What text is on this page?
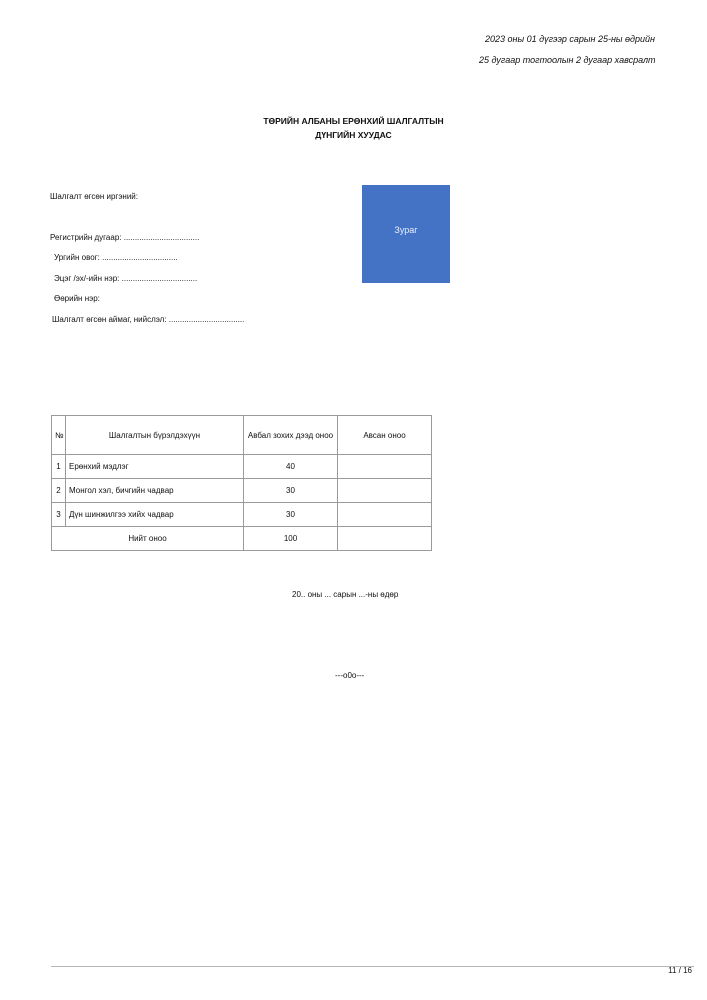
2023 оны 01 дүгээр сарын 25-ны өдрийн
25 дугаар тогтоолын 2 дугаар хавсралт
ТӨРИЙН АЛБАНЫ ЕРӨНХИЙ ШАЛГАЛТЫН
ДҮНГИЙН ХУУДАС
Зураг
Шалгалт өгсөн иргэний:
Регистрийн дугаар: ..................................
Ургийн овог: ..................................
Эцэг /эх/-ийн нэр: ..................................
Өөрийн нэр:
Шалгалт өгсөн аймаг, нийслэл: ..................................
№	Шалгалтын бүрэлдэхүүн	Авбал зохих дээд оноо	Авсан оноо
1	Ерөнхий мэдлэг	40	
2	Монгол хэл, бичгийн чадвар	30	
3	Дүн шинжилгээ хийх чадвар	30	
Нийт оноо		100	
20.. оны ... сарын ...-ны өдөр
---o0o---
11 / 16
